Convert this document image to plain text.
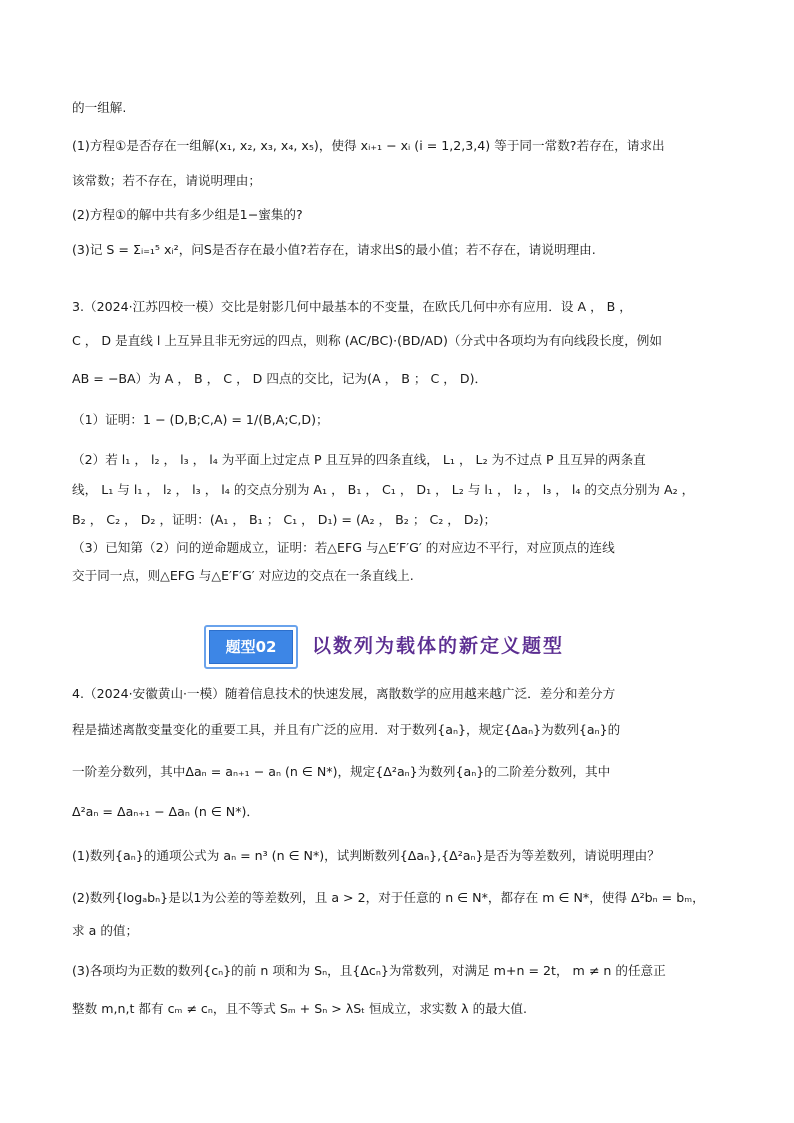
的一组解.
(1)方程①是否存在一组解(x₁, x₂, x₃, x₄, x₅)，使得 xᵢ₊₁ − xᵢ (i = 1,2,3,4) 等于同一常数?若存在，请求出
该常数；若不存在，请说明理由；
(2)方程①的解中共有多少组是1−蜜集的?
(3)记 S = Σᵢ₌₁⁵ xᵢ²，问S是否存在最小值?若存在，请求出S的最小值；若不存在，请说明理由.
3.（2024·江苏四校一模）交比是射影几何中最基本的不变量，在欧氏几何中亦有应用．设 A ， B ，
C ， D 是直线 l 上互异且非无穷远的四点，则称 (AC/BC)·(BD/AD)（分式中各项均为有向线段长度，例如
AB = −BA）为 A ， B ， C ， D 四点的交比，记为(A ， B ； C ， D)．
（1）证明：1 − (D,B;C,A) = 1/(B,A;C,D)；
（2）若 l₁ ， l₂ ， l₃ ， l₄ 为平面上过定点 P 且互异的四条直线， L₁ ， L₂ 为不过点 P 且互异的两条直
线， L₁ 与 l₁ ， l₂ ， l₃ ， l₄ 的交点分别为 A₁ ， B₁ ， C₁ ， D₁ ， L₂ 与 l₁ ， l₂ ， l₃ ， l₄ 的交点分别为 A₂ ，
B₂ ， C₂ ， D₂ ，证明：(A₁ ， B₁ ； C₁ ， D₁) = (A₂ ， B₂ ； C₂ ， D₂)；
（3）已知第（2）问的逆命题成立，证明：若△EFG 与△E′F′G′ 的对应边不平行，对应顶点的连线
交于同一点，则△EFG 与△E′F′G′ 对应边的交点在一条直线上.
题型02	以数列为载体的新定义题型
4.（2024·安徽黄山·一模）随着信息技术的快速发展，离散数学的应用越来越广泛．差分和差分方
程是描述离散变量变化的重要工具，并且有广泛的应用．对于数列{aₙ}，规定{Δaₙ}为数列{aₙ}的
一阶差分数列，其中Δaₙ = aₙ₊₁ − aₙ (n ∈ N*)，规定{Δ²aₙ}为数列{aₙ}的二阶差分数列，其中
Δ²aₙ = Δaₙ₊₁ − Δaₙ (n ∈ N*)．
(1)数列{aₙ}的通项公式为 aₙ = n³ (n ∈ N*)，试判断数列{Δaₙ},{Δ²aₙ}是否为等差数列，请说明理由？
(2)数列{logₐbₙ}是以1为公差的等差数列，且 a > 2，对于任意的 n ∈ N*，都存在 m ∈ N*，使得 Δ²bₙ = bₘ，
求 a 的值；
(3)各项均为正数的数列{cₙ}的前 n 项和为 Sₙ，且{Δcₙ}为常数列，对满足 m+n = 2t， m ≠ n 的任意正
整数 m,n,t 都有 cₘ ≠ cₙ，且不等式 Sₘ + Sₙ > λSₜ 恒成立，求实数 λ 的最大值.
